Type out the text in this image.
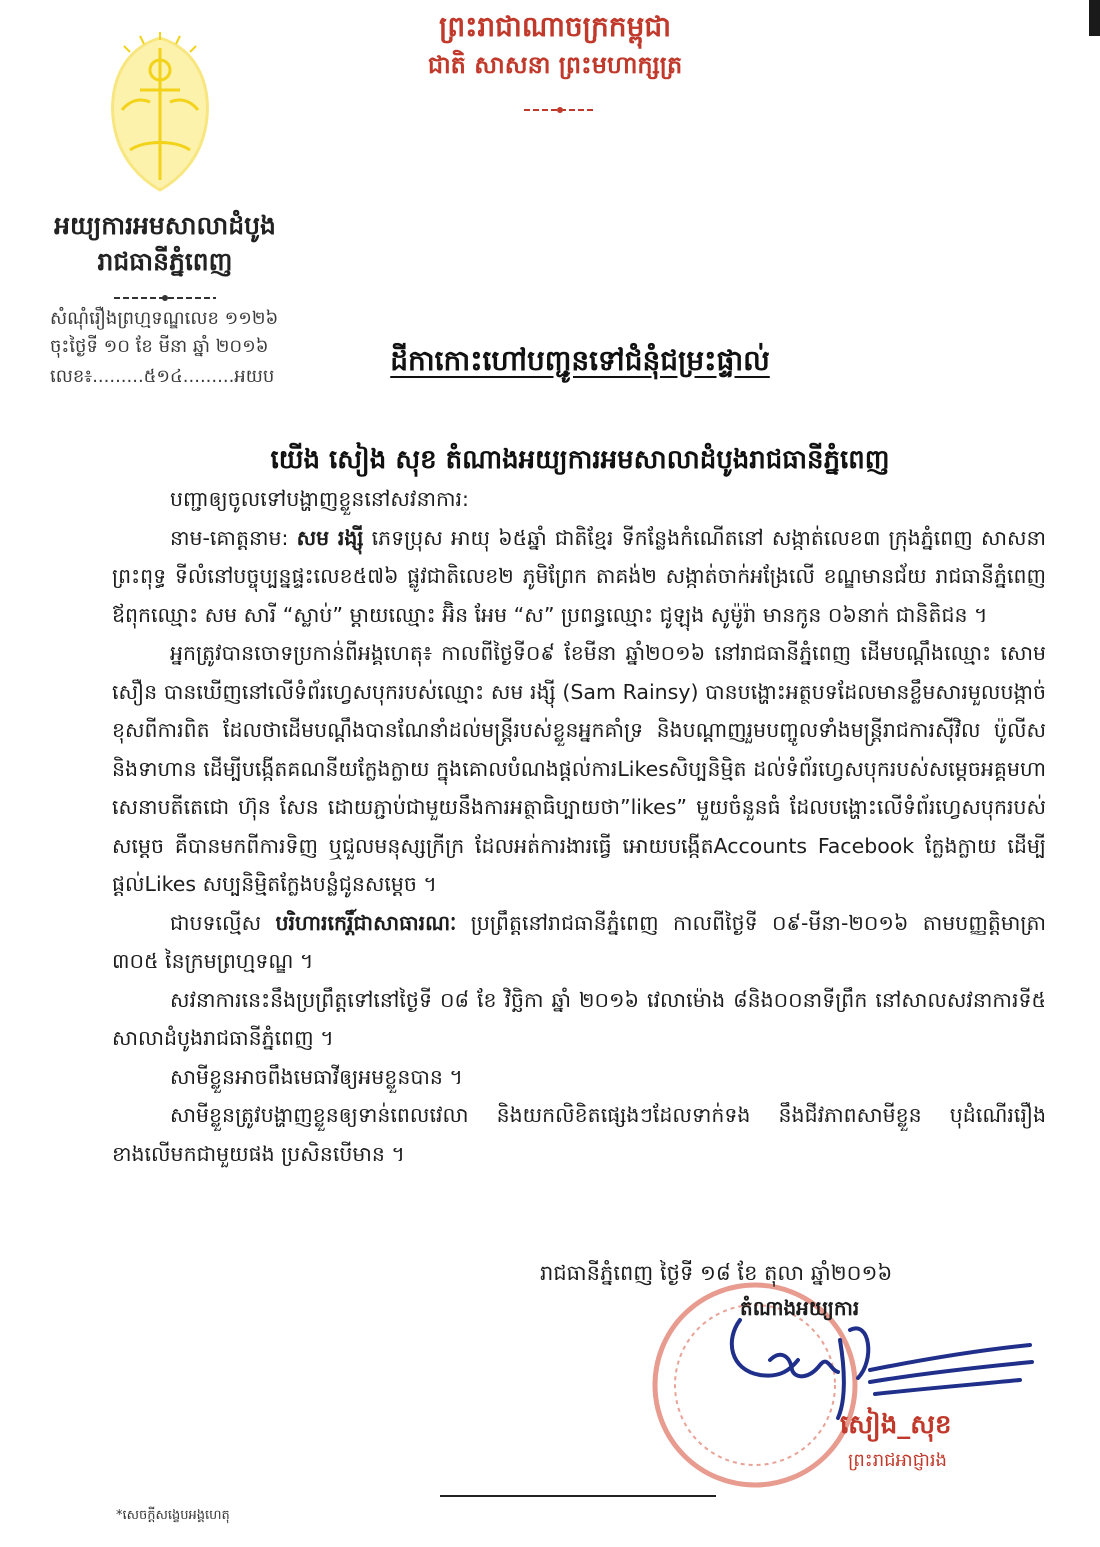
ព្រះរាជាណាចក្រកម្ពុជា
ជាតិ សាសនា ព្រះមហាក្សត្រ
អយ្យការអមសាលាដំបូង
រាជធានីភ្នំពេញ
សំណុំរឿងព្រហ្មទណ្ឌលេខ ១១២៦
ចុះថ្ងៃទី ១០ ខែ មីនា ឆ្នាំ ២០១៦
លេខ៖.........៥១៤.........អយប	ដីកាកោះហៅបញ្ជូនទៅជំនុំជម្រះផ្ទាល់
យើង សៀង សុខ តំណាងអយ្យការអមសាលាដំបូងរាជធានីភ្នំពេញ

បញ្ជាឲ្យចូលទៅបង្ហាញខ្លួននៅសវនាការ:

នាម-គោត្តនាម: សម រង្ស៊ី ភេទប្រុស អាយុ ៦៥ឆ្នាំ ជាតិខ្មែរ ទីកន្លែងកំណើតនៅ សង្កាត់លេខ៣ ក្រុងភ្នំពេញ សាសនាព្រះពុទ្ធ ទីលំនៅបច្ចុប្បន្នផ្ទះលេខ៥៧៦ ផ្លូវជាតិលេខ២ ភូមិព្រែក តាគង់២ សង្កាត់ចាក់អង្រែលើ ខណ្ឌមានជ័យ រាជធានីភ្នំពេញ ឪពុកឈ្មោះ សម សារី “ស្លាប់” ម្ដាយឈ្មោះ អ៊ិន អែម “ស” ប្រពន្ធឈ្មោះ ជូឡុង សូម៉ូរ៉ា មានកូន ០៦នាក់ ជានិតិជន ។

អ្នកត្រូវបានចោទប្រកាន់ពីអង្គហេតុ៖ កាលពីថ្ងៃទី០៩ ខែមីនា ឆ្នាំ២០១៦ នៅរាជធានីភ្នំពេញ ដើមបណ្តឹងឈ្មោះ សោម សឿន បានឃើញនៅលើទំព័រហ្វេសបុករបស់ឈ្មោះ សម រង្ស៊ី (Sam Rainsy) បានបង្ហោះអត្ថបទដែលមានខ្លឹមសារមួលបង្កាច់ខុសពីការពិត ដែលថាដើមបណ្តឹងបានណែនាំដល់មន្ត្រីរបស់ខ្លួនអ្នកគាំទ្រ និងបណ្តាញរួមបញ្ចូលទាំងមន្ត្រីរាជការស៊ីវិល ប៉ូលីស និងទាហាន ដើម្បីបង្កើតគណនីយក្លែងក្លាយ ក្នុងគោលបំណងផ្តល់ការLikesសិប្បនិម្មិត ដល់ទំព័រហ្វេសបុករបស់សម្តេចអគ្គមហាសេនាបតីតេជោ ហ៊ុន សែន ដោយភ្ជាប់ជាមួយនឹងការអត្ថាធិប្បាយថា”likes” មួយចំនួនធំ ដែលបង្ហោះលើទំព័រហ្វេសបុករបស់សម្តេច គឺបានមកពីការទិញ ឬជួលមនុស្សក្រីក្រ ដែលអត់ការងារធ្វើ អោយបង្កើតAccounts Facebook ក្លែងក្លាយ ដើម្បីផ្តល់Likes សប្បនិម្មិតក្លែងបន្លំជូនសម្តេច ។

ជាបទល្មើស បរិហារកេរ្តិ៍ជាសាធារណៈ ប្រព្រឹត្តនៅរាជធានីភ្នំពេញ កាលពីថ្ងៃទី ០៩-មីនា-២០១៦ តាមបញ្ញត្តិមាត្រា ៣០៥ នៃក្រមព្រហ្មទណ្ឌ ។

សវនាការនេះនឹងប្រព្រឹត្តទៅនៅថ្ងៃទី ០៨ ខែ វិច្ឆិកា ឆ្នាំ ២០១៦ វេលាម៉ោង ៨និង០០នាទីព្រឹក នៅសាលសវនាការទី៥ សាលាដំបូងរាជធានីភ្នំពេញ ។

សាមីខ្លួនអាចពឹងមេធាវីឲ្យអមខ្លួនបាន ។

សាមីខ្លួនត្រូវបង្ហាញខ្លួនឲ្យទាន់ពេលវេលា និងយកលិខិតផ្សេងៗដែលទាក់ទង នឹងជីវភាពសាមីខ្លួន បុដំណើររឿងខាងលើមកជាមួយផង ប្រសិនបើមាន ។

រាជធានីភ្នំពេញ ថ្ងៃទី ១៨ ខែ តុលា ឆ្នាំ២០១៦
តំណាងអយ្យការ
សៀង_សុខ
ព្រះរាជអាជ្ញារង
*សេចក្តីសង្ខេបអង្គហេតុ
